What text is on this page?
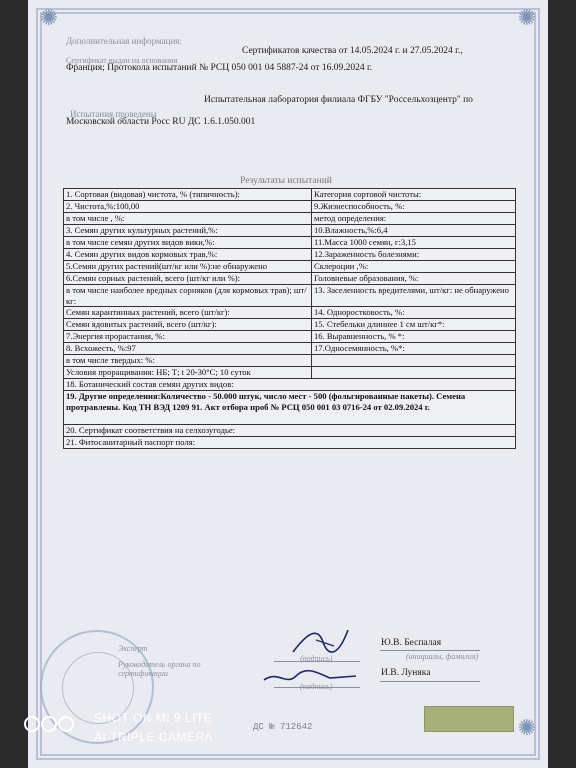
✺	✺
✺
Дополнительная информация:
Сертификатов качества от 14.05.2024 г. и 27.05.2024 г.,
Сертификат выдан на основании
Франция; Протокола испытаний № РСЦ 050 001 04 5887-24 от 16.09.2024 г.
Испытания проведены
Испытательная лаборатория филиала ФГБУ "Россельхозцентр" по
Московской области Росс RU ДС 1.6.1.050.001
Результаты испытаний
1. Сортовая (видовая) чистота, % (типичность):	Категория сортовой чистоты:
2. Чистота,%:100,00	9.Жизнеспособность, %:
в том числе , %:	метод определения:
3. Семян других культурных растений,%:	10.Влажность,%:6,4
в том числе семян других видов вики,%:	11.Масса 1000 семян, г:3,15
4. Семян других видов кормовых трав,%:	12.Зараженность болезнями:
5.Семян других растений(шт/кг или %):не обнаружено	Склероции ,%:
6.Семян сорных растений, всего (шт/кг или %):	Головневые образования, %:
в том числе наиболее вредных сорняков (для кормовых трав); шт/кг:	13. Заселенность вредителями, шт/кг: не обнаружено
Семян карантинных растений, всего (шт/кг):	14. Одноростковость, %:
Семян ядовитых растений, всего (шт/кг):	15. Стебельки длиннее 1 см шт/кг*:
7.Энергия прорастания, %:	16. Выравненность, % *:
8. Всхожесть, %:97	17.Односемянность, %*:
в том числе твердых: %:	
Условия проращивания: НБ; Т; t 20-30°С; 10 суток	
18. Ботанический состав семян других видов:	
19. Другие определения:Количество - 50.000 штук, число мест - 500 (фольгированные пакеты). Семена протравлены. Код ТН ВЭД 1209 91. Акт отбора проб № РСЦ 050 001 03 0716-24 от 02.09.2024 г.	
20. Сертификат соответствия на селхозугодье:	
21. Фитосанитарный паспорт поля:	
Эксперт
Руководитель органа по сертификации
(подпись)
(подпись)
Ю.В. Беспалая
И.В. Луняка
(инициалы, фамилия)
ДС № 712642
SHOT ON MI 9 LITE
AI TRIPLE CAMERA
